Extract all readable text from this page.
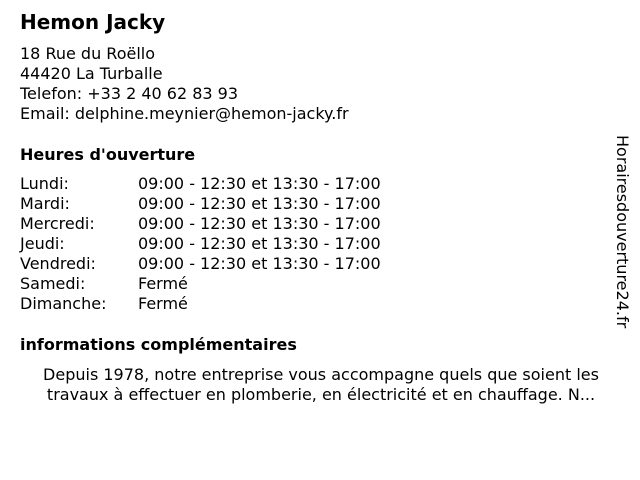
Hemon Jacky
18 Rue du Roëllo
44420 La Turballe
Telefon: +33 2 40 62 83 93
Email: delphine.meynier@hemon-jacky.fr
Heures d'ouverture
Lundi:	09:00 - 12:30 et 13:30 - 17:00
Mardi:	09:00 - 12:30 et 13:30 - 17:00
Mercredi:	09:00 - 12:30 et 13:30 - 17:00
Jeudi:	09:00 - 12:30 et 13:30 - 17:00
Vendredi:	09:00 - 12:30 et 13:30 - 17:00
Samedi:	Fermé
Dimanche:	Fermé
informations complémentaires
Depuis 1978, notre entreprise vous accompagne quels que soient les
travaux à effectuer en plomberie, en électricité et en chauffage. N...
Horairesdouverture24.fr
